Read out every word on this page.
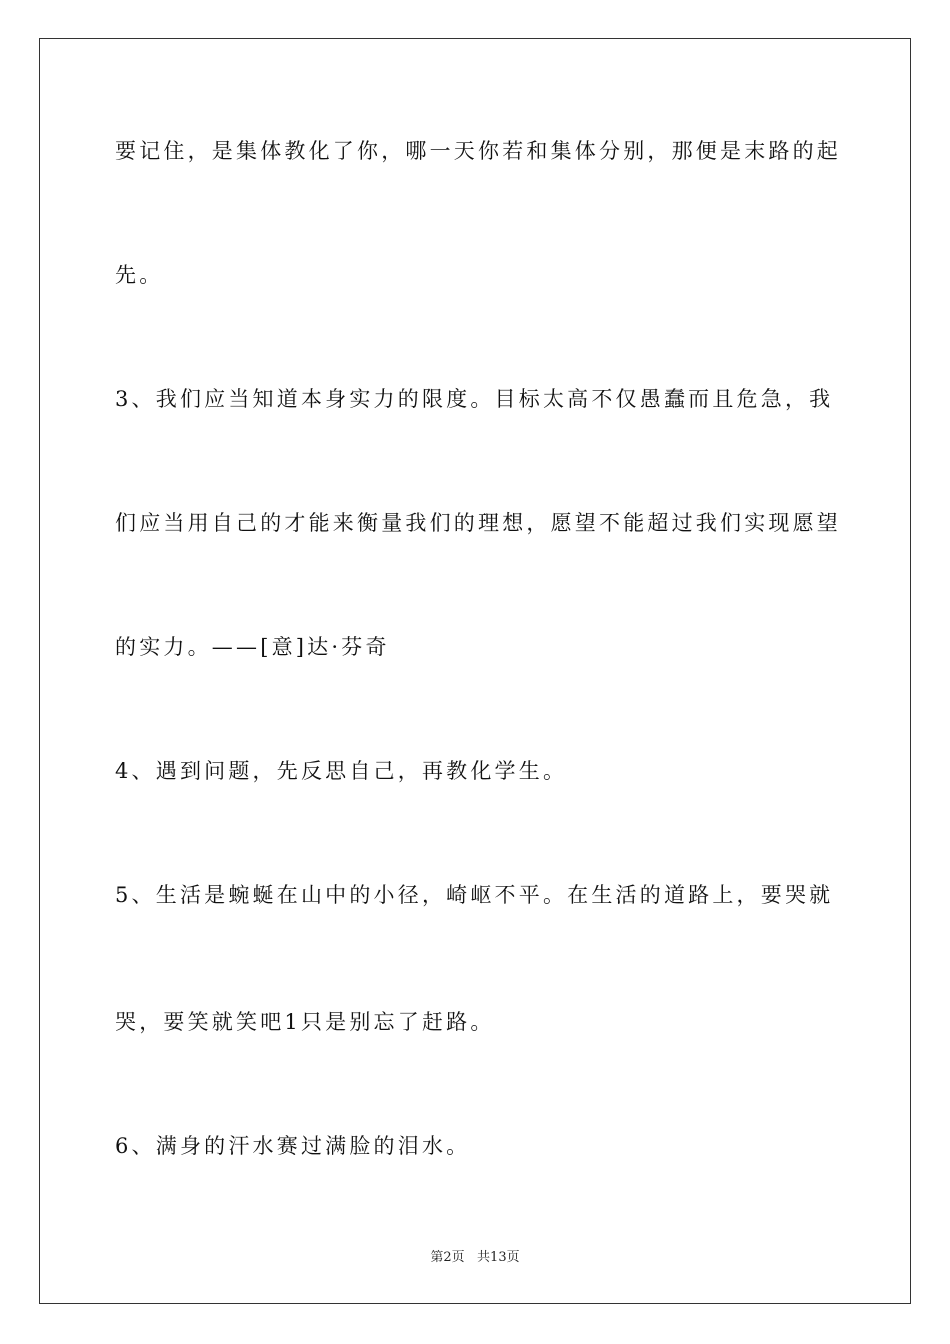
要记住，是集体教化了你，哪一天你若和集体分别，那便是末路的起
先。
3、我们应当知道本身实力的限度。目标太高不仅愚蠢而且危急，我
们应当用自己的才能来衡量我们的理想，愿望不能超过我们实现愿望
的实力。——[意]达·芬奇
4、遇到问题，先反思自己，再教化学生。
5、生活是蜿蜒在山中的小径，崎岖不平。在生活的道路上，要哭就
哭，要笑就笑吧1只是别忘了赶路。
6、满身的汗水赛过满脸的泪水。
第2页   共13页
